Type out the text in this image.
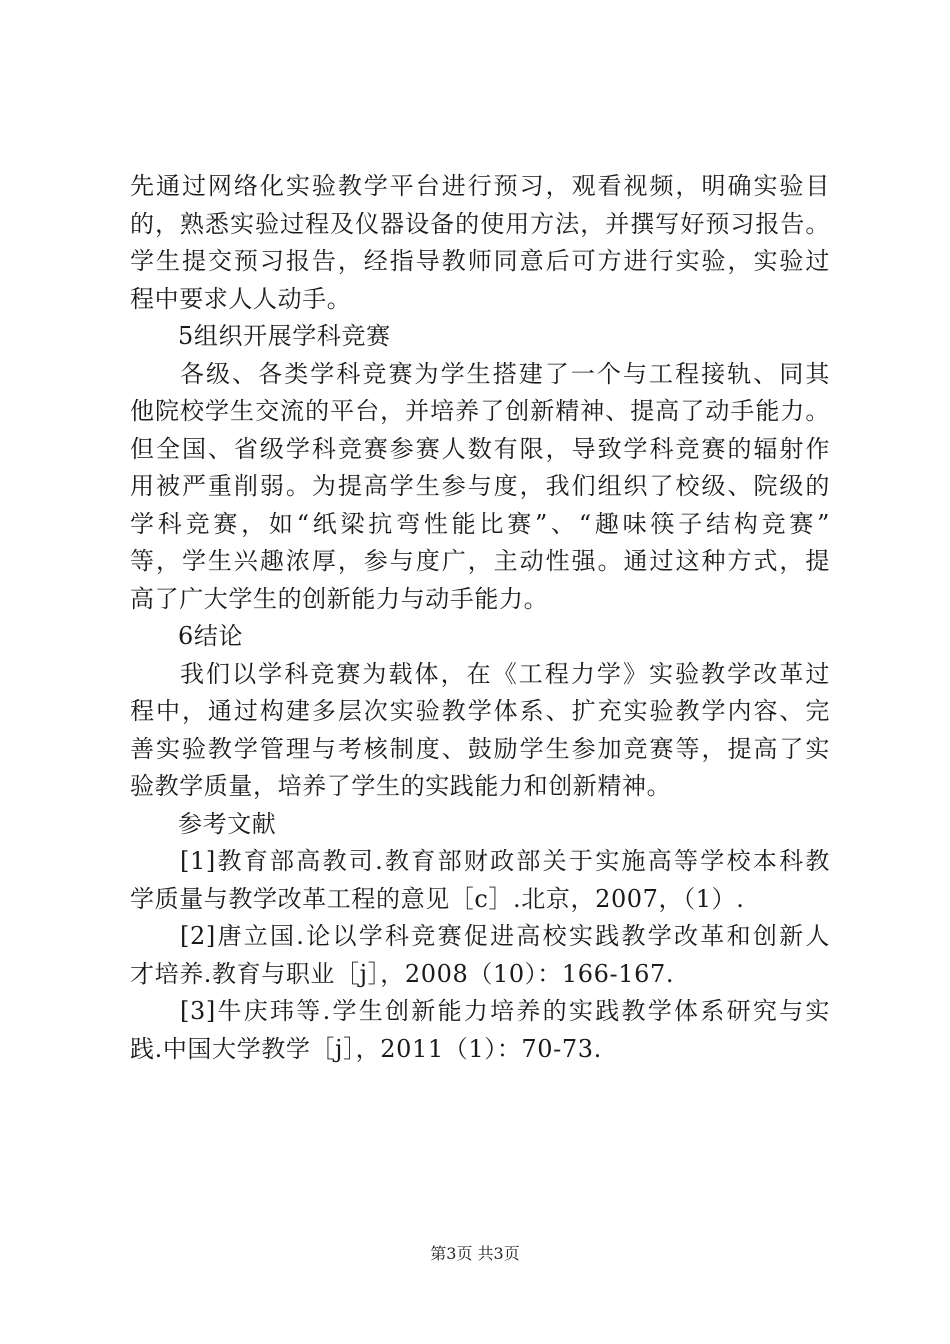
先通过网络化实验教学平台进行预习，观看视频，明确实验目
的，熟悉实验过程及仪器设备的使用方法，并撰写好预习报告。
学生提交预习报告，经指导教师同意后可方进行实验，实验过
程中要求人人动手。
5组织开展学科竞赛
各级、各类学科竞赛为学生搭建了一个与工程接轨、同其
他院校学生交流的平台，并培养了创新精神、提高了动手能力。
但全国、省级学科竞赛参赛人数有限，导致学科竞赛的辐射作
用被严重削弱。为提高学生参与度，我们组织了校级、院级的
学科竞赛，如“纸梁抗弯性能比赛”、“趣味筷子结构竞赛”
等，学生兴趣浓厚，参与度广，主动性强。通过这种方式，提
高了广大学生的创新能力与动手能力。
6结论
我们以学科竞赛为载体，在《工程力学》实验教学改革过
程中，通过构建多层次实验教学体系、扩充实验教学内容、完
善实验教学管理与考核制度、鼓励学生参加竞赛等，提高了实
验教学质量，培养了学生的实践能力和创新精神。
参考文献
[1]教育部高教司.教育部财政部关于实施高等学校本科教
学质量与教学改革工程的意见［c］.北京，2007，（1）.
[2]唐立国.论以学科竞赛促进高校实践教学改革和创新人
才培养.教育与职业［j］，2008（10）：166-167.
[3]牛庆玮等.学生创新能力培养的实践教学体系研究与实
践.中国大学教学［j］，2011（1）：70-73.
第3页 共3页
